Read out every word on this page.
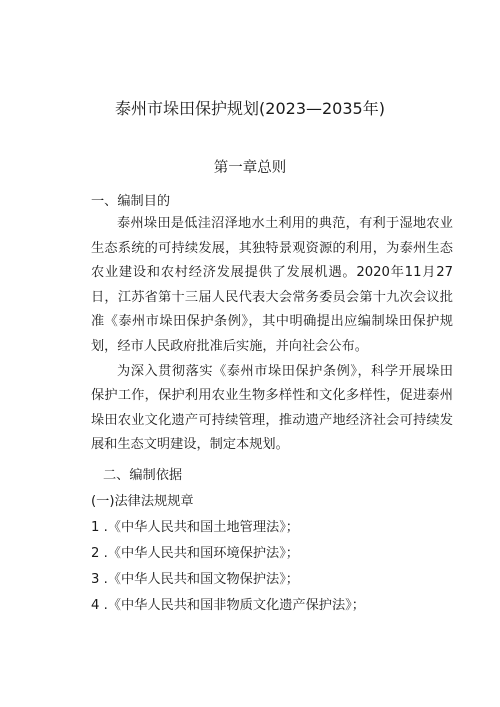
泰州市垛田保护规划(2023—2035年)
第一章总则
一、编制目的

泰州垛田是低洼沼泽地水土利用的典范，有利于湿地农业生态系统的可持续发展，其独特景观资源的利用，为泰州生态农业建设和农村经济发展提供了发展机遇。2020年11月27日，江苏省第十三届人民代表大会常务委员会第十九次会议批准《泰州市垛田保护条例》，其中明确提出应编制垛田保护规划，经市人民政府批准后实施，并向社会公布。

为深入贯彻落实《泰州市垛田保护条例》，科学开展垛田保护工作，保护利用农业生物多样性和文化多样性，促进泰州垛田农业文化遗产可持续管理，推动遗产地经济社会可持续发展和生态文明建设，制定本规划。

二、编制依据
(一)法律法规规章
1 .《中华人民共和国土地管理法》；
2 .《中华人民共和国环境保护法》；
3 .《中华人民共和国文物保护法》；
4 .《中华人民共和国非物质文化遗产保护法》；
